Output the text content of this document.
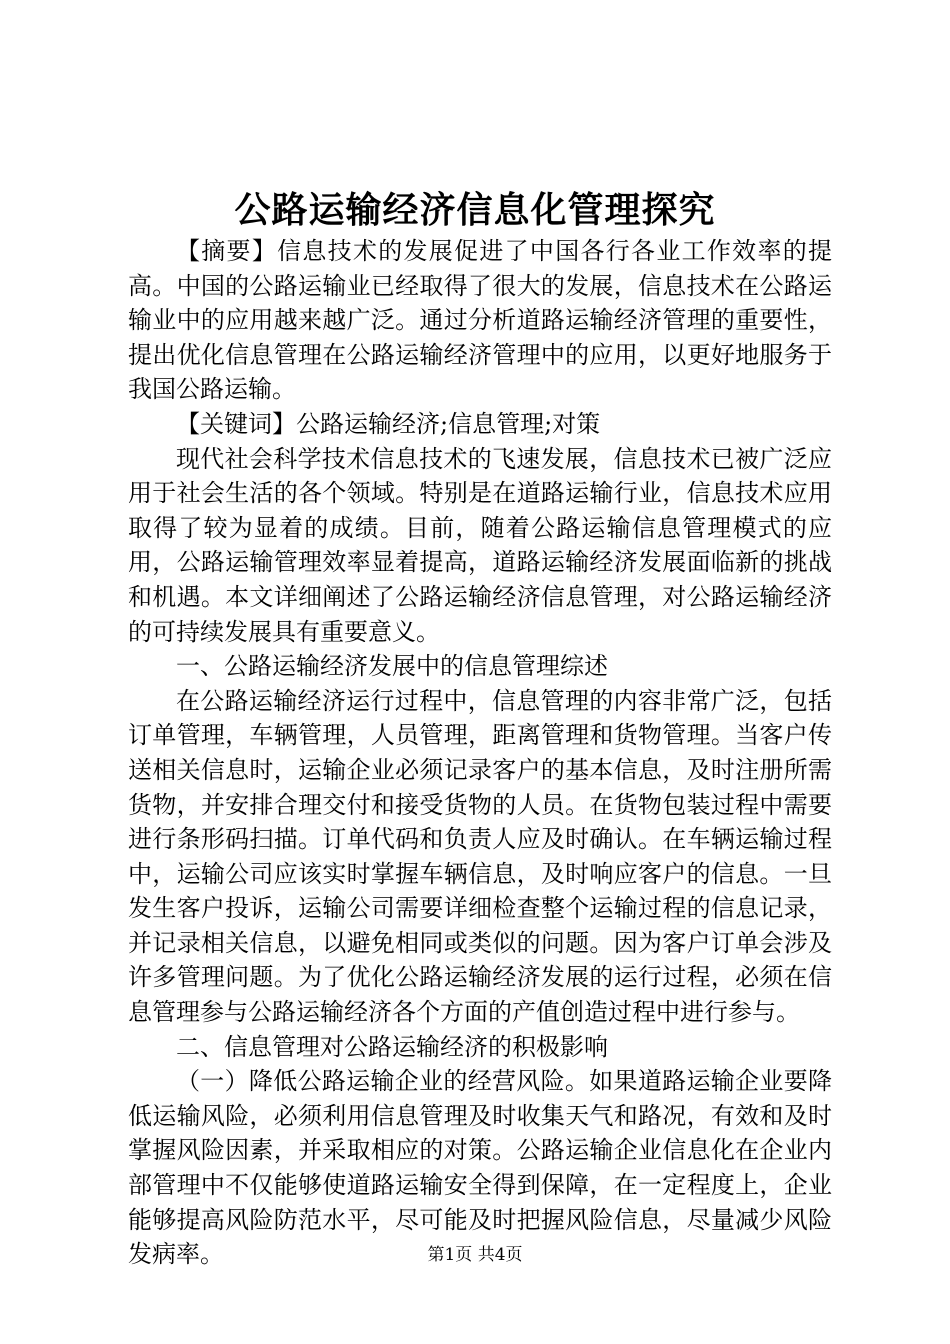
公路运输经济信息化管理探究

【摘要】信息技术的发展促进了中国各行各业工作效率的提高。中国的公路运输业已经取得了很大的发展，信息技术在公路运输业中的应用越来越广泛。通过分析道路运输经济管理的重要性，提出优化信息管理在公路运输经济管理中的应用，以更好地服务于我国公路运输。

【关键词】公路运输经济;信息管理;对策

现代社会科学技术信息技术的飞速发展，信息技术已被广泛应用于社会生活的各个领域。特别是在道路运输行业，信息技术应用取得了较为显着的成绩。目前，随着公路运输信息管理模式的应用，公路运输管理效率显着提高，道路运输经济发展面临新的挑战和机遇。本文详细阐述了公路运输经济信息管理，对公路运输经济的可持续发展具有重要意义。

一、公路运输经济发展中的信息管理综述

在公路运输经济运行过程中，信息管理的内容非常广泛，包括订单管理，车辆管理，人员管理，距离管理和货物管理。当客户传送相关信息时，运输企业必须记录客户的基本信息，及时注册所需货物，并安排合理交付和接受货物的人员。在货物包装过程中需要进行条形码扫描。订单代码和负责人应及时确认。在车辆运输过程中，运输公司应该实时掌握车辆信息，及时响应客户的信息。一旦发生客户投诉，运输公司需要详细检查整个运输过程的信息记录，并记录相关信息，以避免相同或类似的问题。因为客户订单会涉及许多管理问题。为了优化公路运输经济发展的运行过程，必须在信息管理参与公路运输经济各个方面的产值创造过程中进行参与。

二、信息管理对公路运输经济的积极影响

（一）降低公路运输企业的经营风险。如果道路运输企业要降低运输风险，必须利用信息管理及时收集天气和路况，有效和及时掌握风险因素，并采取相应的对策。公路运输企业信息化在企业内部管理中不仅能够使道路运输安全得到保障，在一定程度上，企业能够提高风险防范水平，尽可能及时把握风险信息，尽量减少风险发病率。	第1页 共4页
